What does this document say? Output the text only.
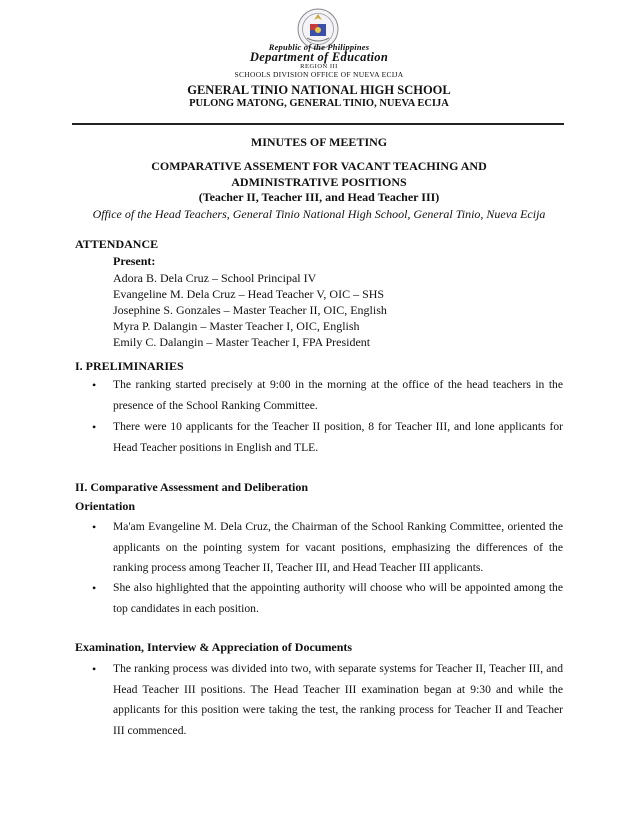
Republic of the Philippines
Department of Education
REGION III
SCHOOLS DIVISION OFFICE OF NUEVA ECIJA
GENERAL TINIO NATIONAL HIGH SCHOOL
PULONG MATONG, GENERAL TINIO, NUEVA ECIJA
MINUTES OF MEETING
COMPARATIVE ASSEMENT FOR VACANT TEACHING AND ADMINISTRATIVE POSITIONS
(Teacher II, Teacher III, and Head Teacher III)
Office of the Head Teachers, General Tinio National High School, General Tinio, Nueva Ecija
ATTENDANCE
Present:
Adora B. Dela Cruz – School Principal IV
Evangeline M. Dela Cruz – Head Teacher V, OIC – SHS
Josephine S. Gonzales – Master Teacher II, OIC, English
Myra P. Dalangin – Master Teacher I, OIC, English
Emily C. Dalangin – Master Teacher I, FPA President
I. PRELIMINARIES
• The ranking started precisely at 9:00 in the morning at the office of the head teachers in the presence of the School Ranking Committee.
• There were 10 applicants for the Teacher II position, 8 for Teacher III, and lone applicants for Head Teacher positions in English and TLE.
II. Comparative Assessment and Deliberation
Orientation
• Ma'am Evangeline M. Dela Cruz, the Chairman of the School Ranking Committee, oriented the applicants on the pointing system for vacant positions, emphasizing the differences of the ranking process among Teacher II, Teacher III, and Head Teacher III applicants.
• She also highlighted that the appointing authority will choose who will be appointed among the top candidates in each position.
Examination, Interview & Appreciation of Documents
• The ranking process was divided into two, with separate systems for Teacher II, Teacher III, and Head Teacher III positions. The Head Teacher III examination began at 9:30 and while the applicants for this position were taking the test, the ranking process for Teacher II and Teacher III commenced.
